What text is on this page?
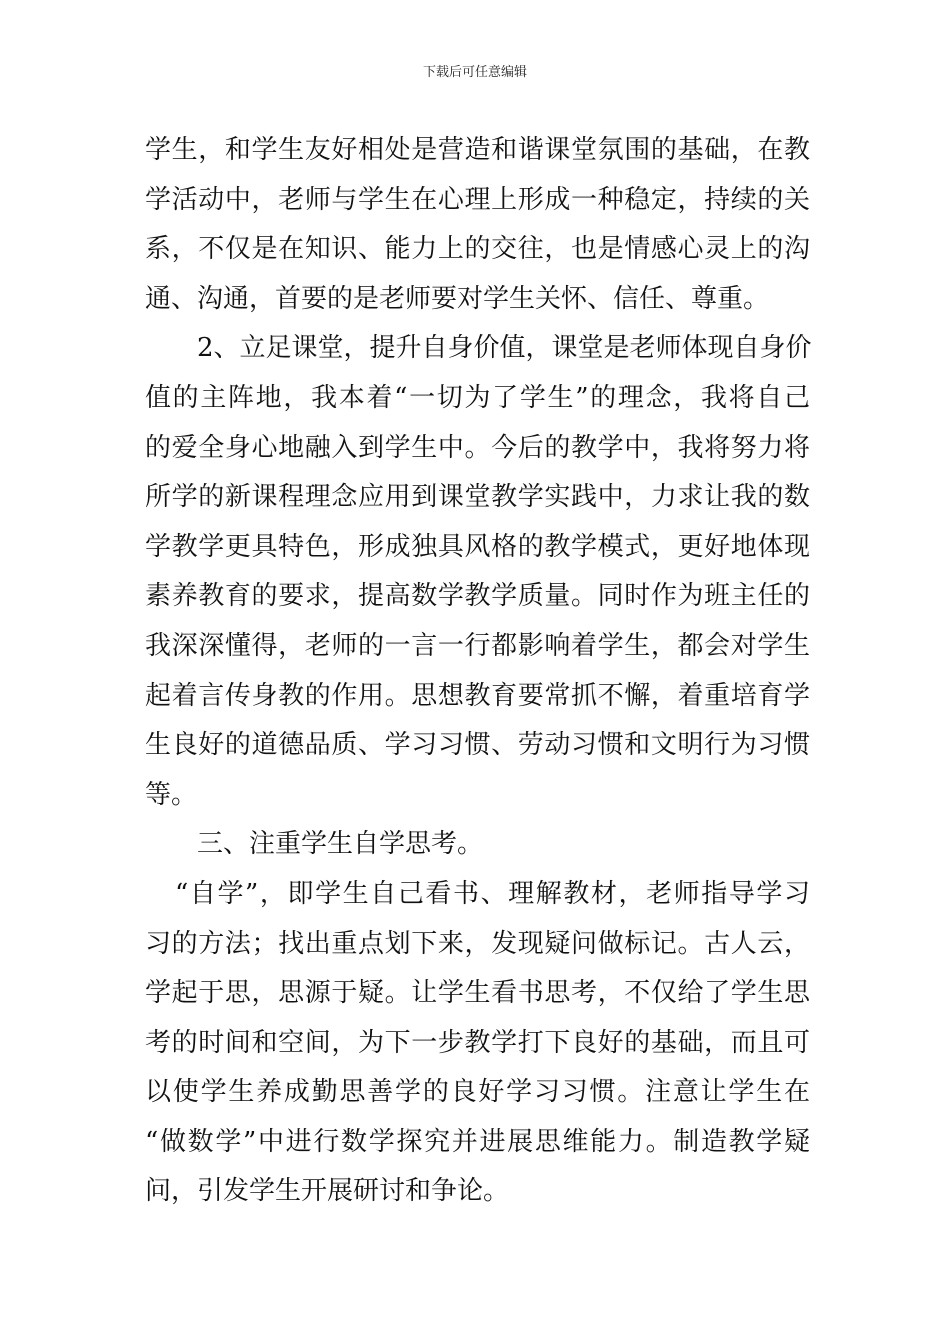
下载后可任意编辑
学生，和学生友好相处是营造和谐课堂氛围的基础，在教
学活动中，老师与学生在心理上形成一种稳定，持续的关
系，不仅是在知识、能力上的交往，也是情感心灵上的沟
通、沟通，首要的是老师要对学生关怀、信任、尊重。
2、立足课堂，提升自身价值，课堂是老师体现自身价
值的主阵地，我本着“一切为了学生”的理念，我将自己
的爱全身心地融入到学生中。今后的教学中，我将努力将
所学的新课程理念应用到课堂教学实践中，力求让我的数
学教学更具特色，形成独具风格的教学模式，更好地体现
素养教育的要求，提高数学教学质量。同时作为班主任的
我深深懂得，老师的一言一行都影响着学生，都会对学生
起着言传身教的作用。思想教育要常抓不懈，着重培育学
生良好的道德品质、学习习惯、劳动习惯和文明行为习惯
等。
三、注重学生自学思考。
“自学”，即学生自己看书、理解教材，老师指导学习
习的方法；找出重点划下来，发现疑问做标记。古人云，
学起于思，思源于疑。让学生看书思考，不仅给了学生思
考的时间和空间，为下一步教学打下良好的基础，而且可
以使学生养成勤思善学的良好学习习惯。注意让学生在
“做数学”中进行数学探究并进展思维能力。制造教学疑
问，引发学生开展研讨和争论。
